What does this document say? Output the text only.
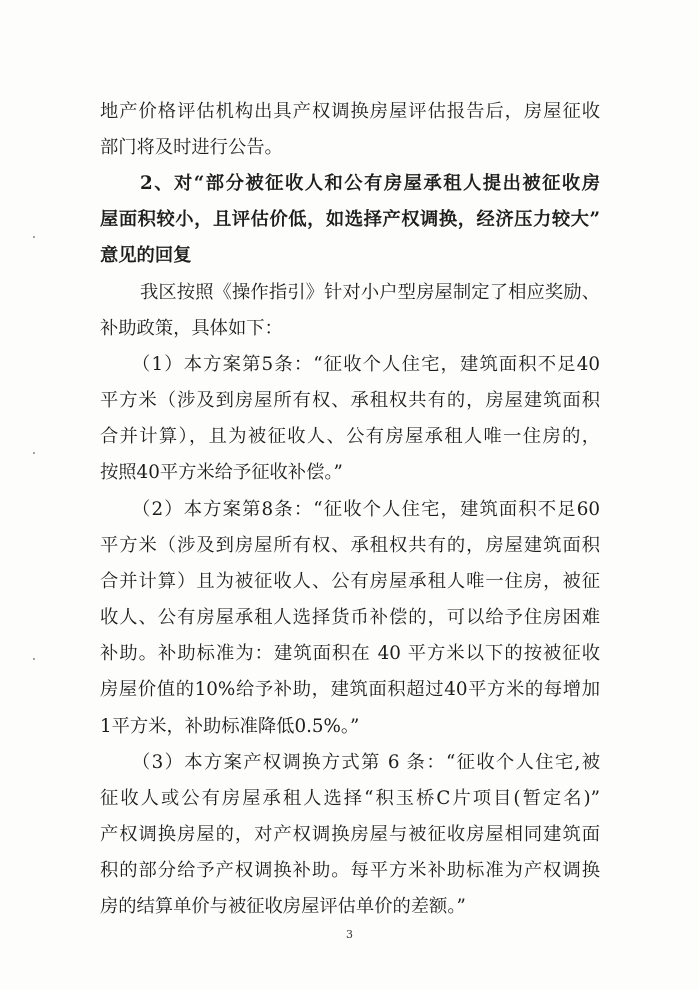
地产价格评估机构出具产权调换房屋评估报告后，房屋征收
部门将及时进行公告。
2、对“部分被征收人和公有房屋承租人提出被征收房
屋面积较小，且评估价低，如选择产权调换，经济压力较大”
意见的回复
我区按照《操作指引》针对小户型房屋制定了相应奖励、
补助政策，具体如下：
（1）本方案第5条：“征收个人住宅，建筑面积不足40
平方米（涉及到房屋所有权、承租权共有的，房屋建筑面积
合并计算），且为被征收人、公有房屋承租人唯一住房的，
按照40平方米给予征收补偿。”
（2）本方案第8条：“征收个人住宅，建筑面积不足60
平方米（涉及到房屋所有权、承租权共有的，房屋建筑面积
合并计算）且为被征收人、公有房屋承租人唯一住房，被征
收人、公有房屋承租人选择货币补偿的，可以给予住房困难
补助。补助标准为：建筑面积在 40 平方米以下的按被征收
房屋价值的10%给予补助，建筑面积超过40平方米的每增加
1平方米，补助标准降低0.5%。”
（3）本方案产权调换方式第 6 条：“征收个人住宅,被
征收人或公有房屋承租人选择“积玉桥C片项目(暂定名)”
产权调换房屋的，对产权调换房屋与被征收房屋相同建筑面
积的部分给予产权调换补助。每平方米补助标准为产权调换
房的结算单价与被征收房屋评估单价的差额。”
3
